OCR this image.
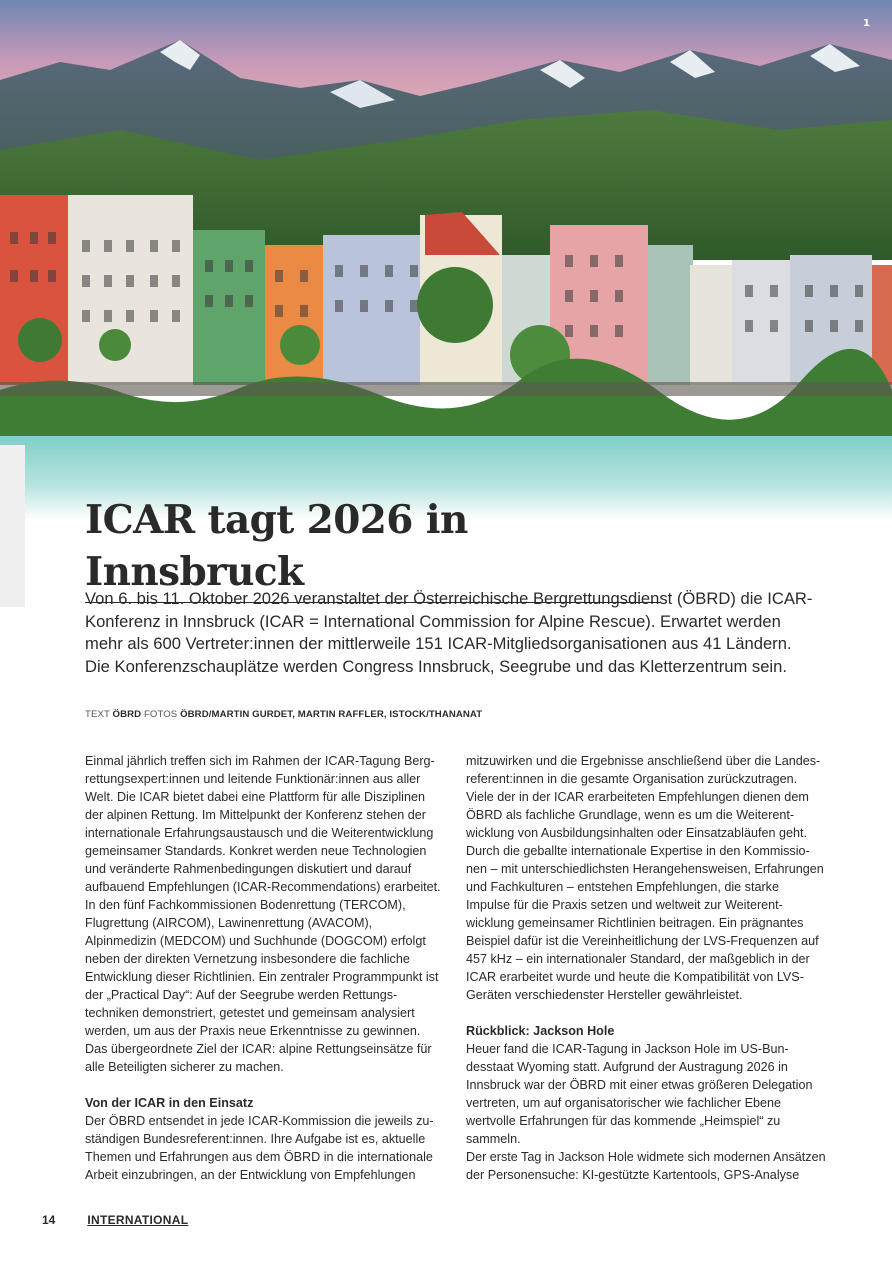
1
ICAR tagt 2026 in Innsbruck

Von 6. bis 11. Oktober 2026 veranstaltet der Österreichische Bergrettungsdienst (ÖBRD) die ICAR-Konferenz in Innsbruck (ICAR = International Commission for Alpine Rescue). Erwartet werden mehr als 600 Vertreter:innen der mittlerweile 151 ICAR-Mitgliedsorganisationen aus 41 Ländern. Die Konferenzschauplätze werden Congress Innsbruck, Seegrube und das Kletterzentrum sein.

TEXT ÖBRD FOTOS ÖBRD/MARTIN GURDET, MARTIN RAFFLER, ISTOCK/THANANAT

Einmal jährlich treffen sich im Rahmen der ICAR-Tagung Bergrettungsexpert:innen und leitende Funktionär:innen aus aller Welt. Die ICAR bietet dabei eine Plattform für alle Disziplinen der alpinen Rettung. Im Mittelpunkt der Konferenz stehen der internationale Erfahrungsaustausch und die Weiterentwicklung gemeinsamer Standards. Konkret werden neue Technologien und veränderte Rahmenbedingungen diskutiert und darauf aufbauend Empfehlungen (ICAR-Recommendations) erarbeitet. In den fünf Fachkommissionen Bodenrettung (TERCOM), Flugrettung (AIRCOM), Lawinenrettung (AVACOM), Alpinmedizin (MEDCOM) und Suchhunde (DOGCOM) erfolgt neben der direkten Vernetzung insbesondere die fachliche Entwicklung dieser Richtlinien. Ein zentraler Programmpunkt ist der „Practical Day“: Auf der Seegrube werden Rettungstechniken demonstriert, getestet und gemeinsam analysiert werden, um aus der Praxis neue Erkenntnisse zu gewinnen. Das übergeordnete Ziel der ICAR: alpine Rettungseinsätze für alle Beteiligten sicherer zu machen.

Von der ICAR in den Einsatz

Der ÖBRD entsendet in jede ICAR-Kommission die jeweils zuständigen Bundesreferent:innen. Ihre Aufgabe ist es, aktuelle Themen und Erfahrungen aus dem ÖBRD in die internationale Arbeit einzubringen, an der Entwicklung von Empfehlungen

mitzuwirken und die Ergebnisse anschließend über die Landesreferent:innen in die gesamte Organisation zurückzutragen. Viele der in der ICAR erarbeiteten Empfehlungen dienen dem ÖBRD als fachliche Grundlage, wenn es um die Weiterentwicklung von Ausbildungsinhalten oder Einsatzabläufen geht. Durch die geballte internationale Expertise in den Kommissionen – mit unterschiedlichsten Herangehensweisen, Erfahrungen und Fachkulturen – entstehen Empfehlungen, die starke Impulse für die Praxis setzen und weltweit zur Weiterentwicklung gemeinsamer Richtlinien beitragen. Ein prägnantes Beispiel dafür ist die Vereinheitlichung der LVS-Frequenzen auf 457 kHz – ein internationaler Standard, der maßgeblich in der ICAR erarbeitet wurde und heute die Kompatibilität von LVS-Geräten verschiedenster Hersteller gewährleistet.

Rückblick: Jackson Hole

Heuer fand die ICAR-Tagung in Jackson Hole im US-Bundesstaat Wyoming statt. Aufgrund der Austragung 2026 in Innsbruck war der ÖBRD mit einer etwas größeren Delegation vertreten, um auf organisatorischer wie fachlicher Ebene wertvolle Erfahrungen für das kommende „Heimspiel“ zu sammeln.

Der erste Tag in Jackson Hole widmete sich modernen Ansätzen der Personensuche: KI-gestützte Kartentools, GPS-Analyse

14	INTERNATIONAL
